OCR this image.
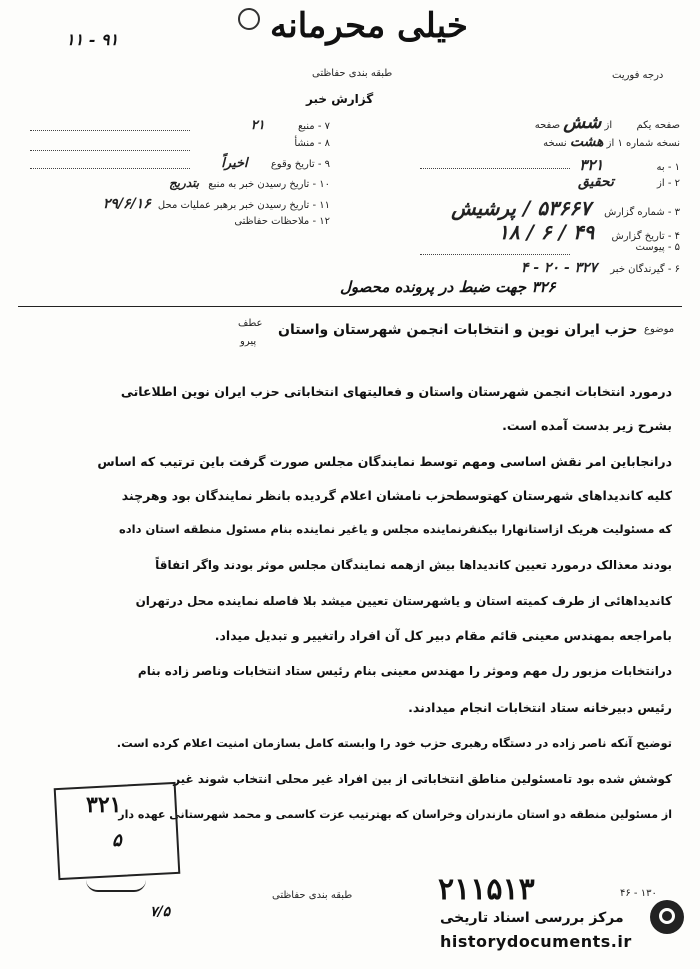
۱۱ - ۹۱	خیلی محرمانه
طبقه بندی حفاظتی
گزارش خبر
درجه فوریت
صفحه یکم  از شش صفحه
نسخه شماره ۱ از هشت نسخه
۱ - به ۳۲۱
۲ - از تحقیق
۳ - شماره گزارش ۵۳۶۶۷ / پرشیش
۴ - تاریخ گزارش ۴۹ / ۶ / ۱۸
۵ - پیوست
۶ - گیرندگان خبر ۳۲۷ - ۲۰ - ۴
۷ - منبع ۲۱
۸ - منشأ
۹ - تاریخ وقوع اخیراً
۱۰ - تاریخ رسیدن خبر به منبع بتدریج
۱۱ - تاریخ رسیدن خبر برهبر عملیات محل ۲۹/۶/۱۶
۱۲ - ملاحظات حفاظتی
۳۲۶ جهت ضبط در پرونده محصول
عطف
پیرو
موضوع
حزب ایران نوین و انتخابات انجمن شهرستان واستان
درمورد انتخابات انجمن شهرستان واستان و فعالیتهای انتخاباتی حزب ایران نوین اطلاعاتی
بشرح زیر بدست آمده است.
درانجاباین امر نقش اساسی ومهم توسط نمایندگان مجلس صورت گرفت باین ترتیب که اساس
کلیه کاندیداهای شهرستان کهتوسطحزب نامشان اعلام گردیده بانظر نمایندگان بود وهرچند
که مسئولیت هریک ازاستانهارا بیکنفرنماینده مجلس و یاغیر نماینده بنام مسئول منطقه استان داده
بودند معذالک درمورد تعیین کاندیداها بیش ازهمه نمایندگان مجلس موثر بودند واگر اتفاقاً
کاندیداهائی از طرف کمیته استان و یاشهرستان تعیین میشد بلا فاصله نماینده محل درتهران
بامراجعه بمهندس معینی قائم مقام دبیر کل آن افراد راتغییر و تبدیل میداد.
درانتخابات مزبور رل مهم وموثر را مهندس معینی بنام رئیس ستاد انتخابات وناصر زاده بنام
رئیس دبیرخانه ستاد انتخابات انجام میدادند.
توضیح آنکه ناصر زاده در دستگاه رهبری حزب خود را وابسته کامل بسازمان امنیت اعلام کرده است.
کوشش شده بود تامسئولین مناطق انتخاباتی از بین افراد غیر محلی انتخاب شوند غیر
از مسئولین منطقه دو استان مازندران وخراسان که بهترتیب عزت کاسمی و محمد شهرستانی عهده دار
۳۲۱
۵
۷/۵
طبقه بندی حفاظتی	۲۱۱۵۱۳	۴۶ - ۱۳۰
مرکز بررسی اسناد تاریخی
historydocuments.ir
